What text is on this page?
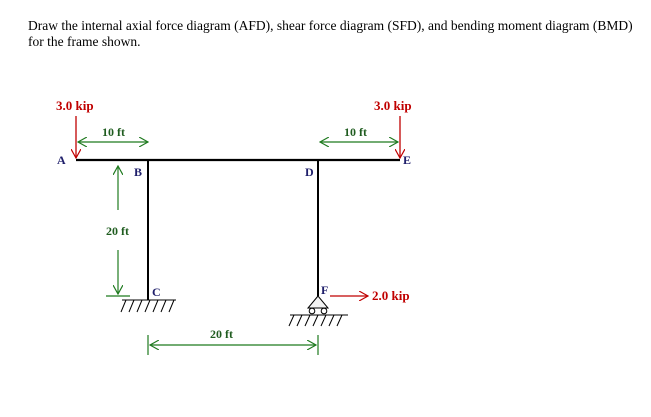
Draw the internal axial force diagram (AFD), shear force diagram (SFD), and bending moment diagram (BMD) for the frame shown.

3.0 kip	3.0 kip
2.0 kip
10 ft	10 ft
20 ft
20 ft
A
B
C
D
E
F
